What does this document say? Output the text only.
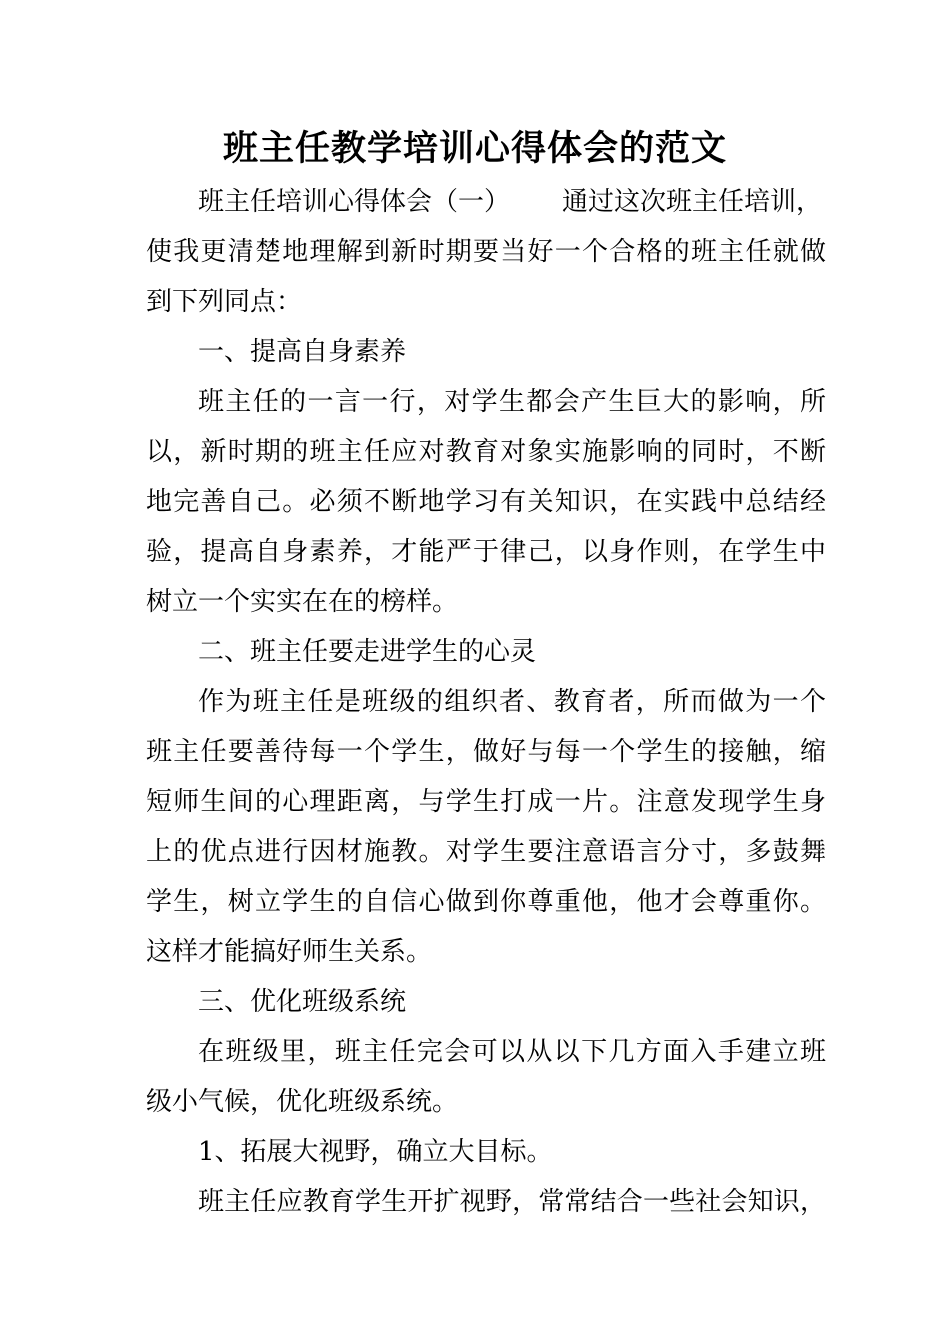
班主任教学培训心得体会的范文
班主任培训心得体会（一） 通过这次班主任培训，
使我更清楚地理解到新时期要当好一个合格的班主任就做
到下列同点：
一、提高自身素养
班主任的一言一行，对学生都会产生巨大的影响，所
以，新时期的班主任应对教育对象实施影响的同时，不断
地完善自己。必须不断地学习有关知识，在实践中总结经
验，提高自身素养，才能严于律己，以身作则，在学生中
树立一个实实在在的榜样。
二、班主任要走进学生的心灵
作为班主任是班级的组织者、教育者，所而做为一个
班主任要善待每一个学生，做好与每一个学生的接触，缩
短师生间的心理距离，与学生打成一片。注意发现学生身
上的优点进行因材施教。对学生要注意语言分寸，多鼓舞
学生，树立学生的自信心做到你尊重他，他才会尊重你。
这样才能搞好师生关系。
三、优化班级系统
在班级里，班主任完会可以从以下几方面入手建立班
级小气候，优化班级系统。
1、拓展大视野，确立大目标。
班主任应教育学生开扩视野，常常结合一些社会知识，
